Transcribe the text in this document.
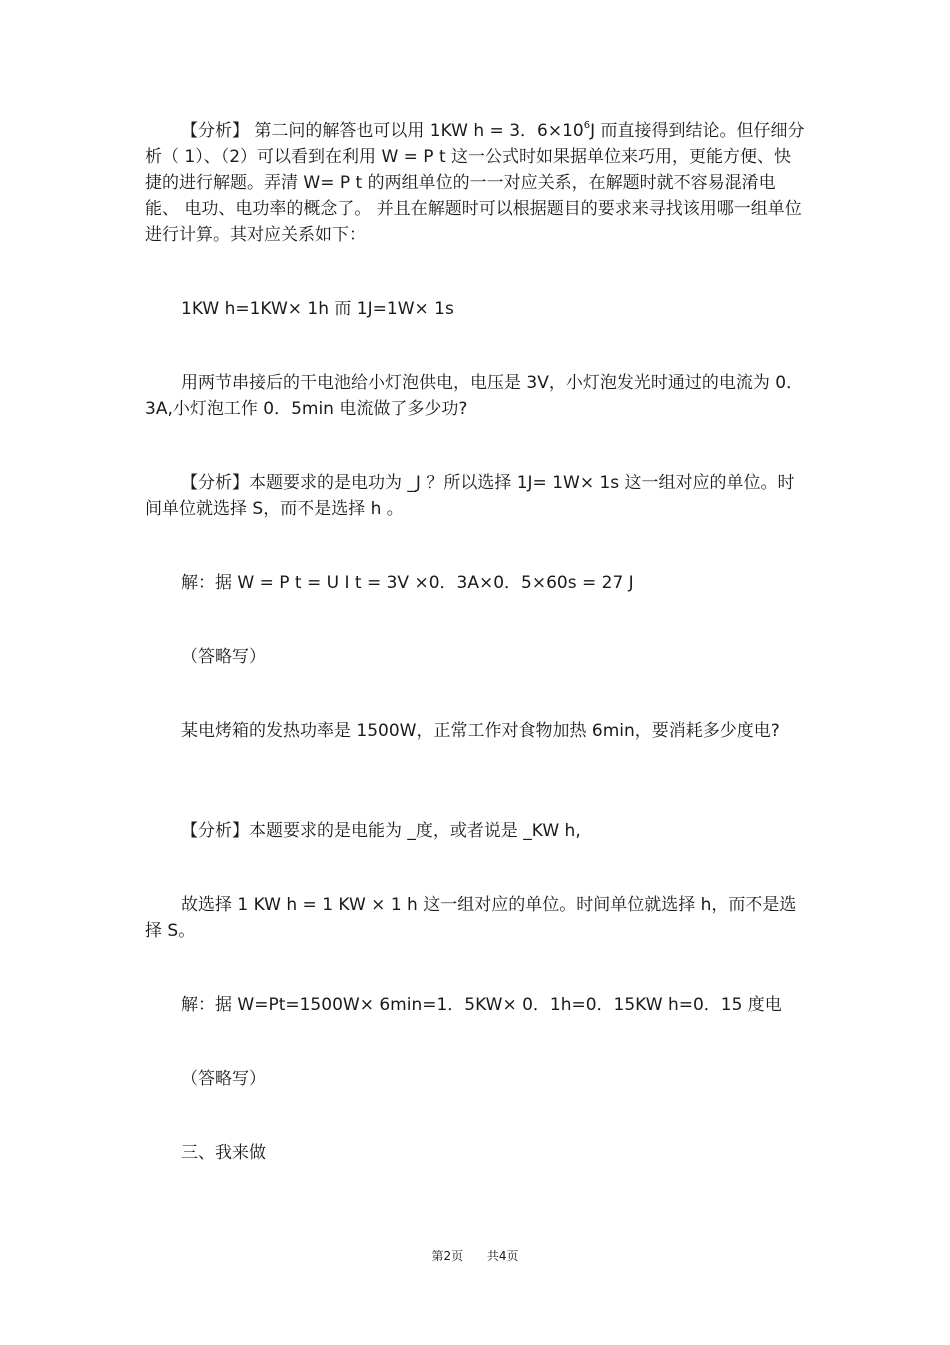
【分析】 第二问的解答也可以用 1KW h = 3．$6\times 10^6J$ 而直接得到结论。但仔细分析（ 1）、（2）可以看到在利用 W = P t 这一公式时如果据单位来巧用，更能方便、快捷的进行解题。弄清 W= P t 的两组单位的一一对应关系，在解题时就不容易混淆电能、 电功、电功率的概念了。 并且在解题时可以根据题目的要求来寻找该用哪一组单位进行计算。其对应关系如下：

1KW h=1KW× 1h 而 1J=1W× 1s

用两节串接后的干电池给小灯泡供电，电压是 3V，小灯泡发光时通过的电流为 0．3A,小灯泡工作 0．5min 电流做了多少功?

【分析】本题要求的是电功为 _J ？所以选择 1J= 1W× 1s 这一组对应的单位。时间单位就选择 S，而不是选择 h 。

解：据 W = P t = U I t = 3V ×0．3A×0．5×60s = 27 J

（答略写）

某电烤箱的发热功率是 1500W，正常工作对食物加热 6min，要消耗多少度电?

【分析】本题要求的是电能为 _度，或者说是 _KW h,

故选择 1 KW h = 1 KW × 1 h 这一组对应的单位。时间单位就选择 h，而不是选择 S。

解：据 W=Pt=1500W× 6min=1．5KW× 0．1h=0．15KW h=0．15 度电

（答略写）

三、我来做

第2页 共4页
